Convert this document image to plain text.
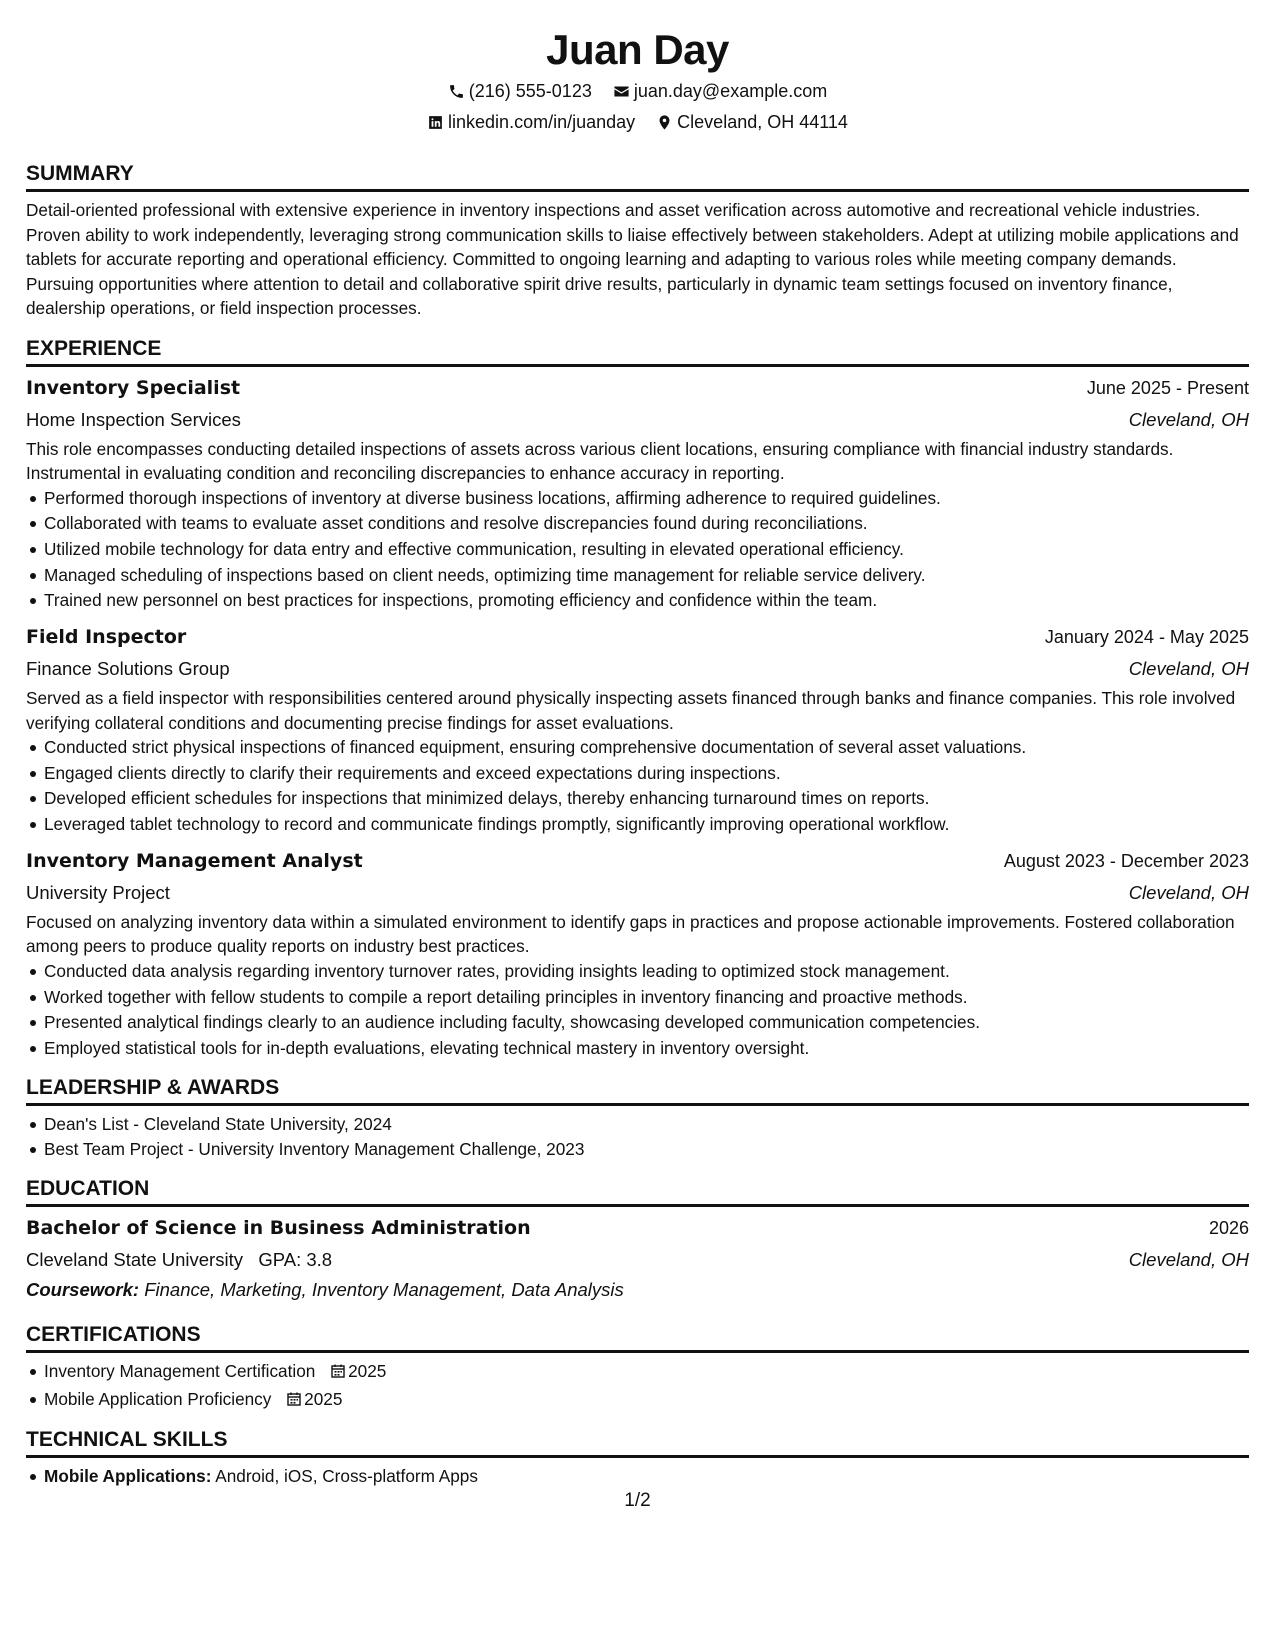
Juan Day
(216) 555-0123
juan.day@example.com
linkedin.com/in/juanday
Cleveland, OH 44114
SUMMARY
Detail-oriented professional with extensive experience in inventory inspections and asset verification across automotive and recreational vehicle industries. Proven ability to work independently, leveraging strong communication skills to liaise effectively between stakeholders. Adept at utilizing mobile applications and tablets for accurate reporting and operational efficiency. Committed to ongoing learning and adapting to various roles while meeting company demands. Pursuing opportunities where attention to detail and collaborative spirit drive results, particularly in dynamic team settings focused on inventory finance, dealership operations, or field inspection processes.
EXPERIENCE
Inventory Specialist	June 2025 - Present
Home Inspection Services	Cleveland, OH
This role encompasses conducting detailed inspections of assets across various client locations, ensuring compliance with financial industry standards. Instrumental in evaluating condition and reconciling discrepancies to enhance accuracy in reporting.
Performed thorough inspections of inventory at diverse business locations, affirming adherence to required guidelines.
Collaborated with teams to evaluate asset conditions and resolve discrepancies found during reconciliations.
Utilized mobile technology for data entry and effective communication, resulting in elevated operational efficiency.
Managed scheduling of inspections based on client needs, optimizing time management for reliable service delivery.
Trained new personnel on best practices for inspections, promoting efficiency and confidence within the team.
Field Inspector	January 2024 - May 2025
Finance Solutions Group	Cleveland, OH
Served as a field inspector with responsibilities centered around physically inspecting assets financed through banks and finance companies. This role involved verifying collateral conditions and documenting precise findings for asset evaluations.
Conducted strict physical inspections of financed equipment, ensuring comprehensive documentation of several asset valuations.
Engaged clients directly to clarify their requirements and exceed expectations during inspections.
Developed efficient schedules for inspections that minimized delays, thereby enhancing turnaround times on reports.
Leveraged tablet technology to record and communicate findings promptly, significantly improving operational workflow.
Inventory Management Analyst	August 2023 - December 2023
University Project	Cleveland, OH
Focused on analyzing inventory data within a simulated environment to identify gaps in practices and propose actionable improvements. Fostered collaboration among peers to produce quality reports on industry best practices.
Conducted data analysis regarding inventory turnover rates, providing insights leading to optimized stock management.
Worked together with fellow students to compile a report detailing principles in inventory financing and proactive methods.
Presented analytical findings clearly to an audience including faculty, showcasing developed communication competencies.
Employed statistical tools for in-depth evaluations, elevating technical mastery in inventory oversight.
LEADERSHIP & AWARDS
Dean's List - Cleveland State University, 2024
Best Team Project - University Inventory Management Challenge, 2023
EDUCATION
Bachelor of Science in Business Administration	2026
Cleveland State University GPA: 3.8	Cleveland, OH
Coursework: Finance, Marketing, Inventory Management, Data Analysis
CERTIFICATIONS
Inventory Management Certification 2025
Mobile Application Proficiency 2025
TECHNICAL SKILLS
Mobile Applications: Android, iOS, Cross-platform Apps
1/2
